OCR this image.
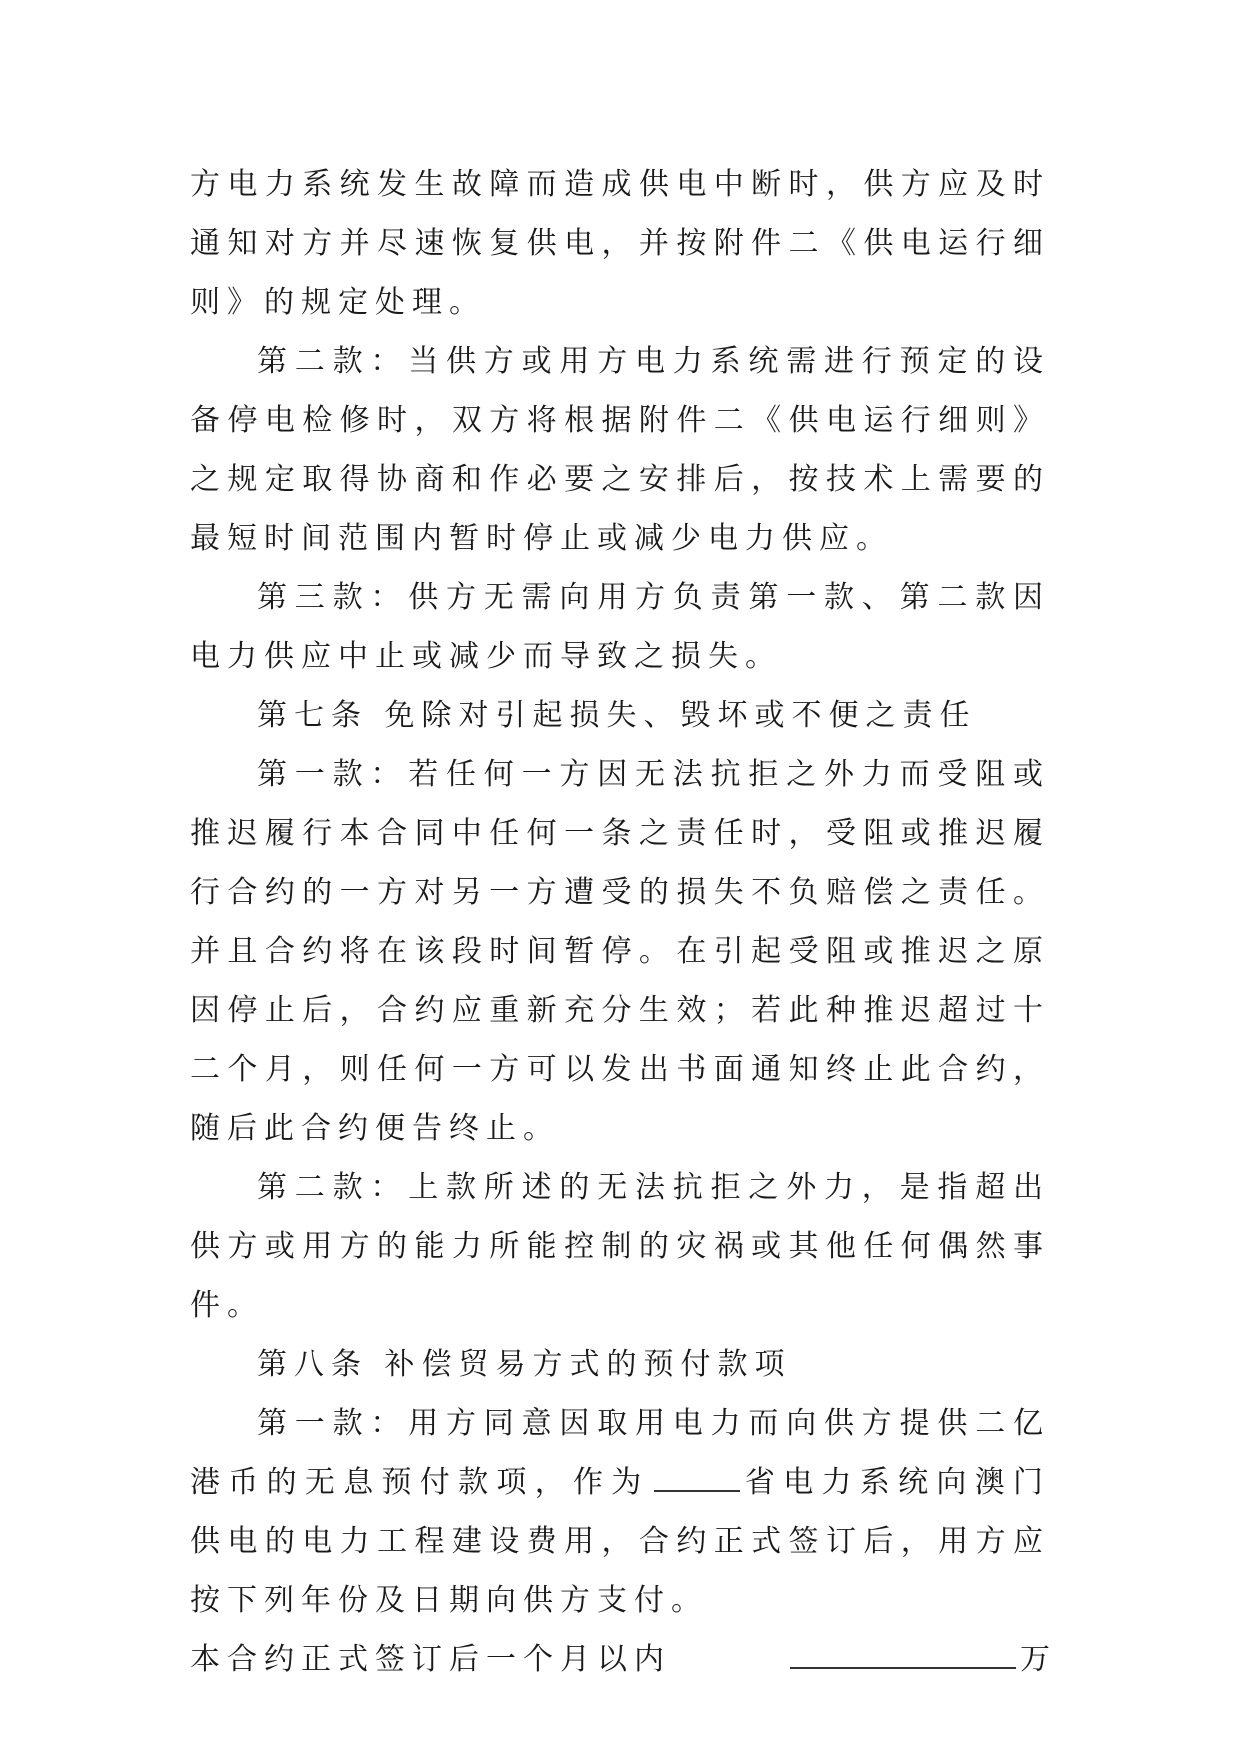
方电力系统发生故障而造成供电中断时，供方应及时通知对方并尽速恢复供电，并按附件二《供电运行细则》的规定处理。

第二款：当供方或用方电力系统需进行预定的设备停电检修时，双方将根据附件二《供电运行细则》之规定取得协商和作必要之安排后，按技术上需要的最短时间范围内暂时停止或减少电力供应。

第三款：供方无需向用方负责第一款、第二款因电力供应中止或减少而导致之损失。

第七条 免除对引起损失、毁坏或不便之责任

第一款：若任何一方因无法抗拒之外力而受阻或推迟履行本合同中任何一条之责任时，受阻或推迟履行合约的一方对另一方遭受的损失不负赔偿之责任。并且合约将在该段时间暂停。在引起受阻或推迟之原因停止后，合约应重新充分生效；若此种推迟超过十二个月，则任何一方可以发出书面通知终止此合约，随后此合约便告终止。

第二款：上款所述的无法抗拒之外力，是指超出供方或用方的能力所能控制的灾祸或其他任何偶然事件。

第八条 补偿贸易方式的预付款项

第一款：用方同意因取用电力而向供方提供二亿港币的无息预付款项，作为	省电力系统向澳门供电的电力工程建设费用，合约正式签订后，用方应按下列年份及日期向供方支付。

本合约正式签订后一个月以内	万
